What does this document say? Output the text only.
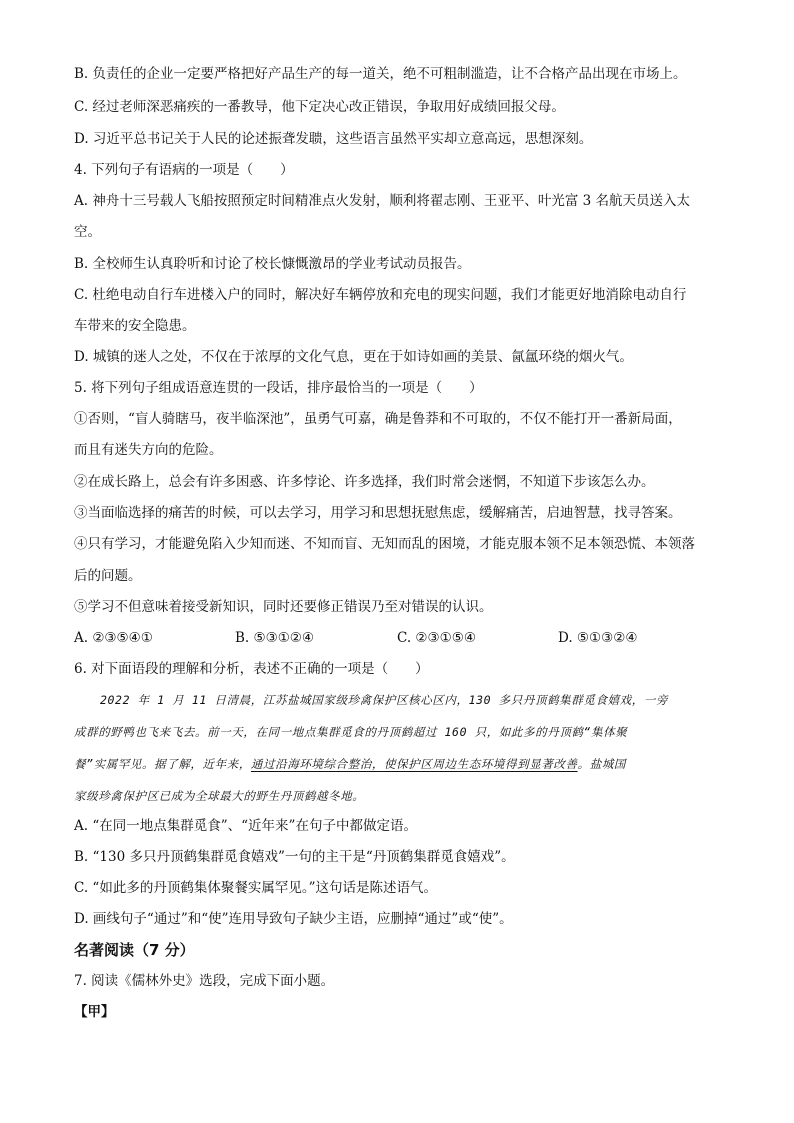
B. 负责任的企业一定要严格把好产品生产的每一道关，绝不可粗制滥造，让不合格产品出现在市场上。
C. 经过老师深恶痛疾的一番教导，他下定决心改正错误，争取用好成绩回报父母。
D. 习近平总书记关于人民的论述振聋发聩，这些语言虽然平实却立意高远，思想深刻。
4. 下列句子有语病的一项是（　　）
A. 神舟十三号载人飞船按照预定时间精准点火发射，顺利将翟志刚、王亚平、叶光富 3 名航天员送入太
空。
B. 全校师生认真聆听和讨论了校长慷慨激昂的学业考试动员报告。
C. 杜绝电动自行车进楼入户的同时，解决好车辆停放和充电的现实问题，我们才能更好地消除电动自行
车带来的安全隐患。
D. 城镇的迷人之处，不仅在于浓厚的文化气息，更在于如诗如画的美景、氤氲环绕的烟火气。
5. 将下列句子组成语意连贯的一段话，排序最恰当的一项是（　　）
①否则，“盲人骑瞎马，夜半临深池”，虽勇气可嘉，确是鲁莽和不可取的，不仅不能打开一番新局面，
而且有迷失方向的危险。
②在成长路上，总会有许多困惑、许多悖论、许多选择，我们时常会迷惘，不知道下步该怎么办。
③当面临选择的痛苦的时候，可以去学习，用学习和思想抚慰焦虑，缓解痛苦，启迪智慧，找寻答案。
④只有学习，才能避免陷入少知而迷、不知而盲、无知而乱的困境，才能克服本领不足本领恐慌、本领落
后的问题。
⑤学习不但意味着接受新知识，同时还要修正错误乃至对错误的认识。
A. ②③⑤④①	B. ⑤③①②④	C. ②③①⑤④	D. ⑤①③②④
6. 对下面语段的理解和分析，表述不正确的一项是（　　）
2022 年 1 月 11 日清晨，江苏盐城国家级珍禽保护区核心区内，130 多只丹顶鹤集群觅食嬉戏，一旁
成群的野鸭也飞来飞去。前一天，在同一地点集群觅食的丹顶鹤超过 160 只，如此多的丹顶鹤“集体聚
餐”实属罕见。据了解，近年来，通过沿海环境综合整治，使保护区周边生态环境得到显著改善。盐城国
家级珍禽保护区已成为全球最大的野生丹顶鹤越冬地。
A. “在同一地点集群觅食”、“近年来”在句子中都做定语。
B. “130 多只丹顶鹤集群觅食嬉戏”一句的主干是“丹顶鹤集群觅食嬉戏”。
C. “如此多的丹顶鹤集体聚餐实属罕见。”这句话是陈述语气。
D. 画线句子“通过”和“使”连用导致句子缺少主语，应删掉“通过”或“使”。
名著阅读（7 分）
7. 阅读《儒林外史》选段，完成下面小题。
【甲】
